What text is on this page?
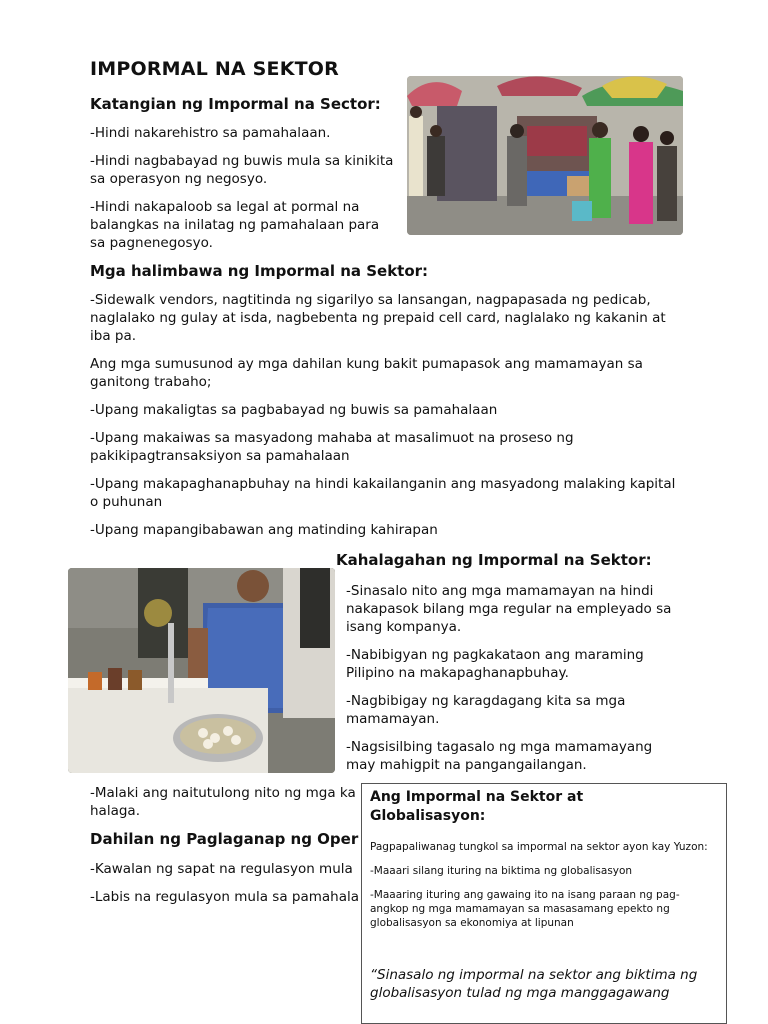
IMPORMAL NA SEKTOR
Katangian ng Impormal na Sector:

-Hindi nakarehistro sa pamahalaan.

-Hindi nagbabayad ng buwis mula sa kinikita sa operasyon ng negosyo.

-Hindi nakapaloob sa legal at pormal na balangkas na inilatag ng pamahalaan para sa pagnenegosyo.

Mga halimbawa ng Impormal na Sektor:

-Sidewalk vendors, nagtitinda ng sigarilyo sa lansangan, nagpapasada ng pedicab, naglalako ng gulay at isda, nagbebenta ng prepaid cell card, naglalako ng kakanin at iba pa.

Ang mga sumusunod ay mga dahilan kung bakit pumapasok ang mamamayan sa ganitong trabaho;

-Upang makaligtas sa pagbabayad ng buwis sa pamahalaan

-Upang makaiwas sa masyadong mahaba at masalimuot na proseso ng pakikipagtransaksiyon sa pamahalaan

-Upang makapaghanapbuhay na hindi kakailanganin ang masyadong malaking kapital o puhunan

-Upang mapangibabawan ang matinding kahirapan

Kahalagahan ng Impormal na Sektor:

-Sinasalo nito ang mga mamamayan na hindi nakapasok bilang mga regular na empleyado sa isang kompanya.

-Nabibigyan ng pagkakataon ang maraming Pilipino na makapaghanapbuhay.

-Nagbibigay ng karagdagang kita sa mga mamamayan.

-Nagsisilbing tagasalo ng mga mamamayang may mahigpit na pangangailangan.

-Malaki ang naitutulong nito ng mga ka
halaga.
Dahilan ng Paglaganap ng Oper
-Kawalan ng sapat na regulasyon mula
-Labis na regulasyon mula sa pamahala
Ang Impormal na Sektor at Globalisasyon:
Pagpapaliwanag tungkol sa impormal na sektor ayon kay Yuzon:
-Maaari silang ituring na biktima ng globalisasyon
-Maaaring ituring ang gawaing ito na isang paraan ng pag-angkop ng mga mamamayan sa masasamang epekto ng globalisasyon sa ekonomiya at lipunan
“Sinasalo ng impormal na sektor ang biktima ng globalisasyon tulad ng mga manggagawang
